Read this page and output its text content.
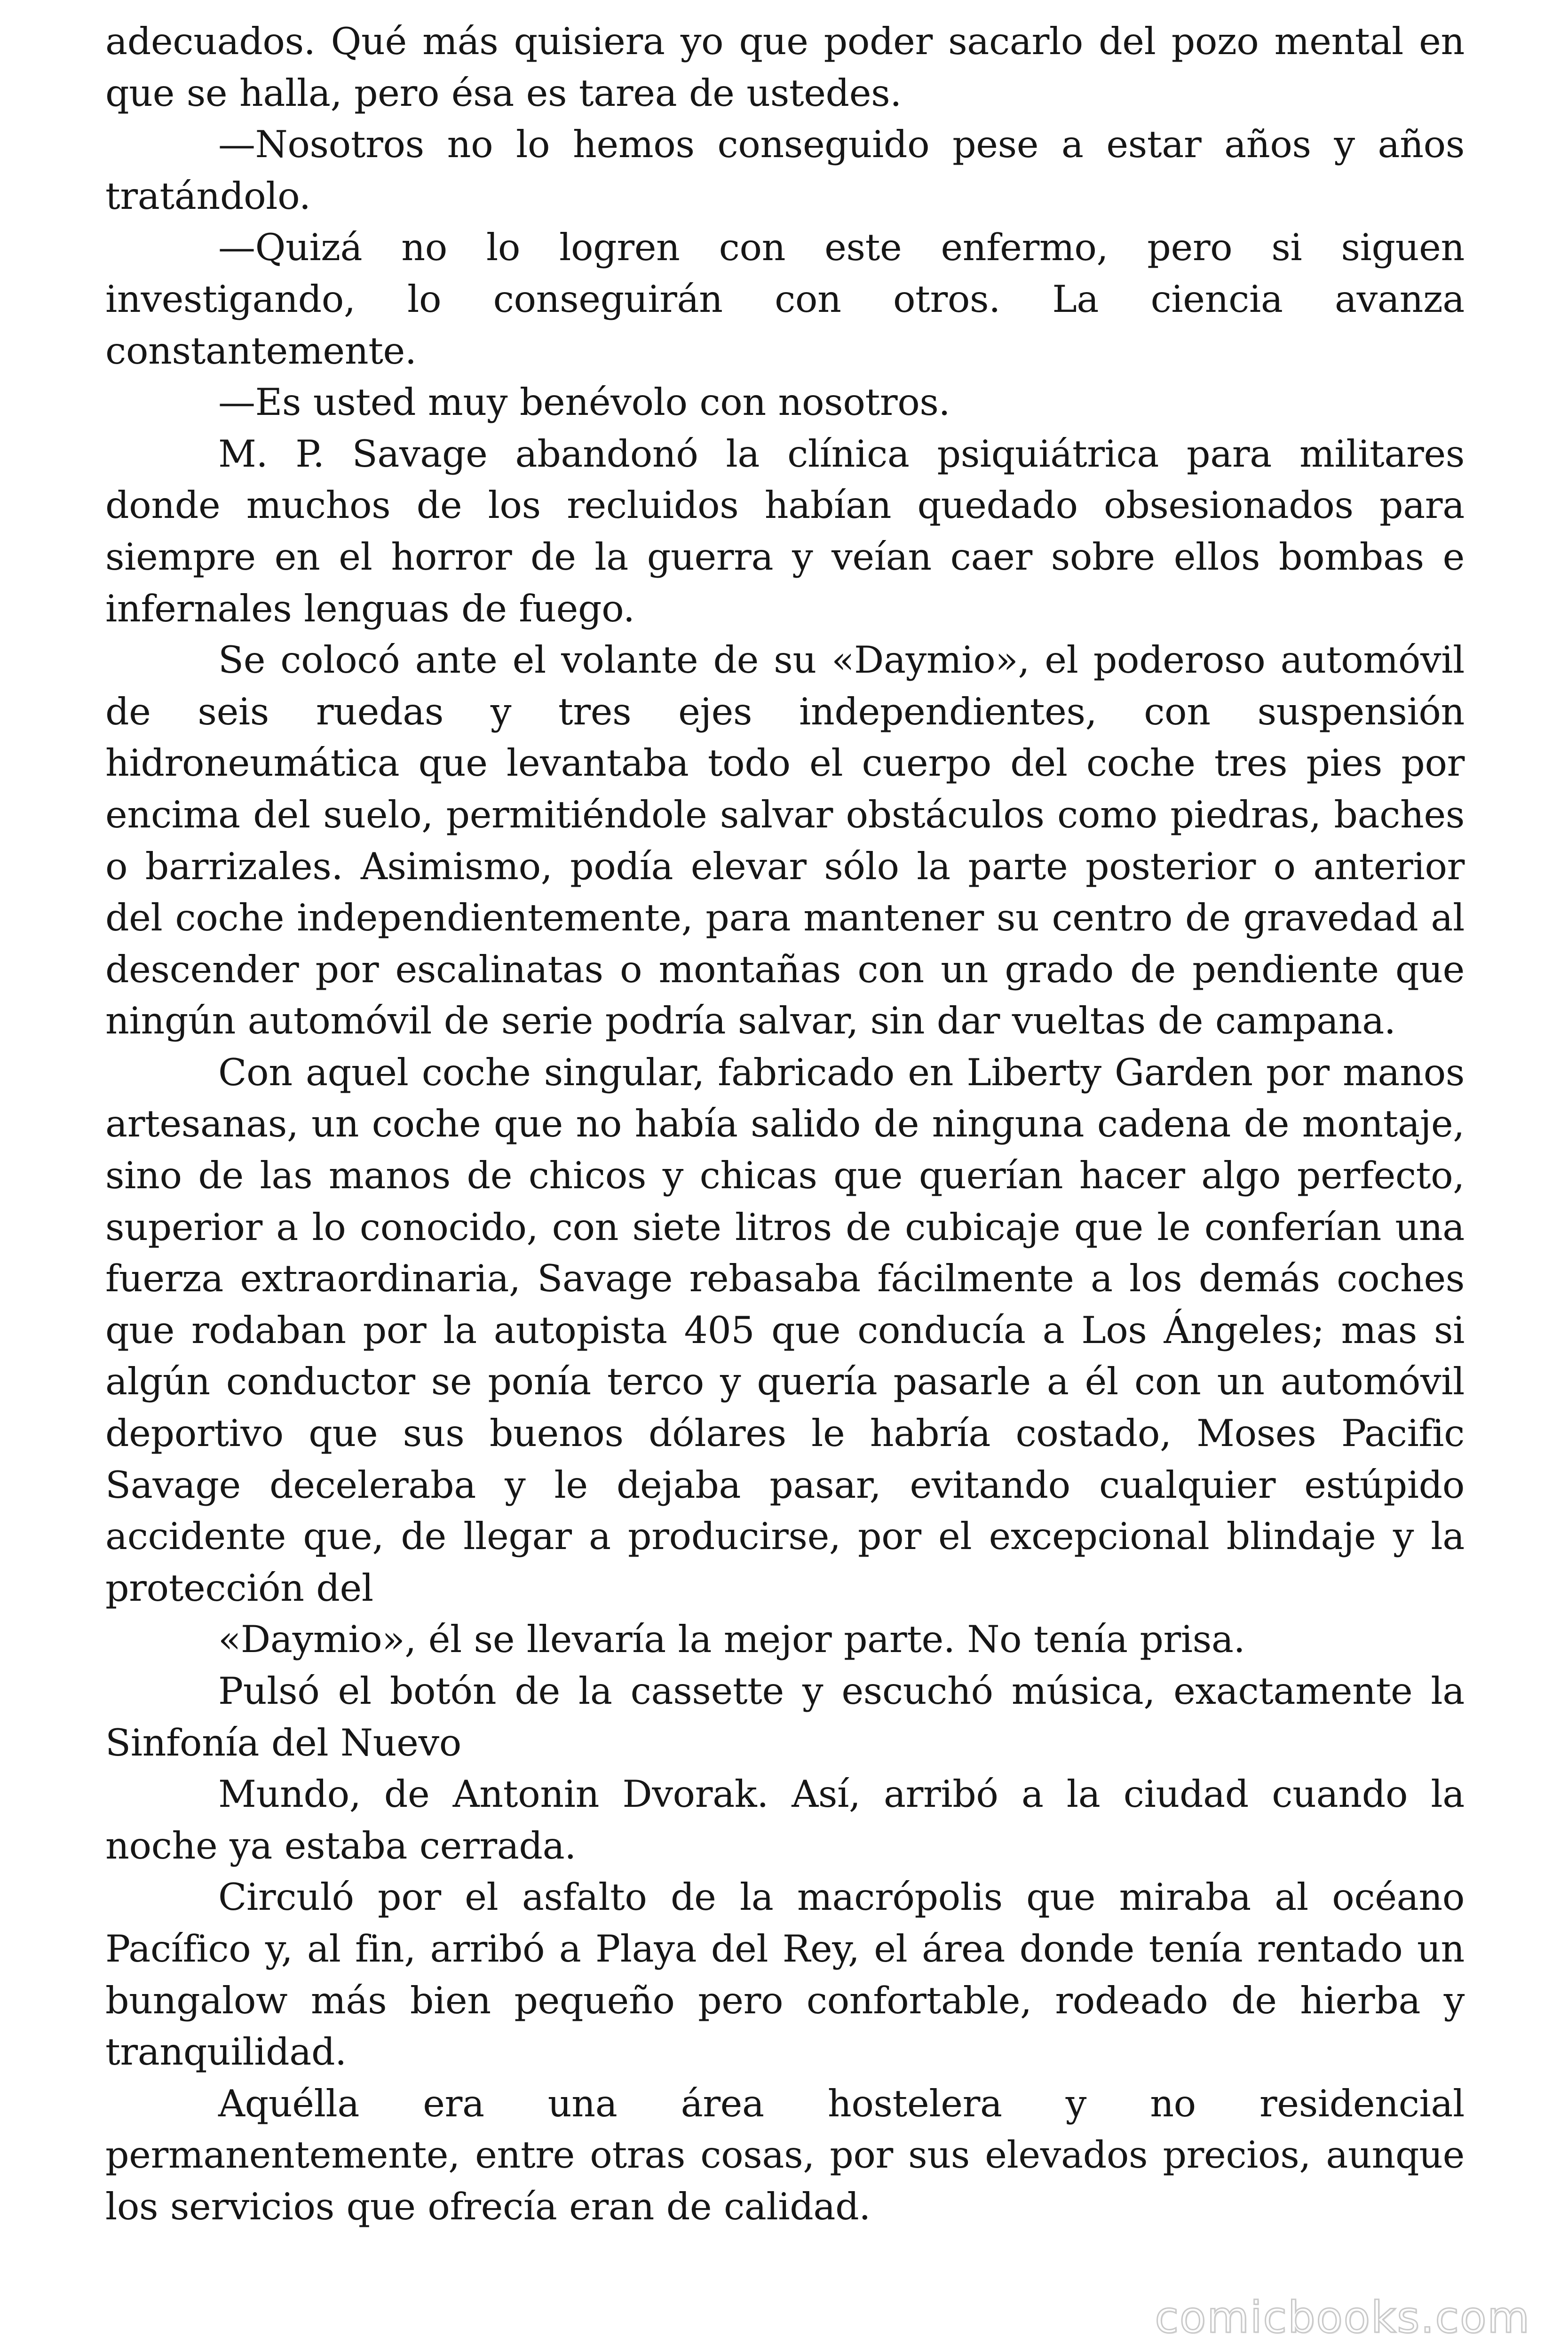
adecuados. Qué más quisiera yo que poder sacarlo del pozo mental en que se halla, pero ésa es tarea de ustedes.

—Nosotros no lo hemos conseguido pese a estar años y años tratándolo.

—Quizá no lo logren con este enfermo, pero si siguen investigando, lo conseguirán con otros. La ciencia avanza constantemente.

—Es usted muy benévolo con nosotros.

M. P. Savage abandonó la clínica psiquiátrica para militares donde muchos de los recluidos habían quedado obsesionados para siempre en el horror de la guerra y veían caer sobre ellos bombas e infernales lenguas de fuego.

Se colocó ante el volante de su «Daymio», el poderoso automóvil de seis ruedas y tres ejes independientes, con suspensión hidroneumática que levantaba todo el cuerpo del coche tres pies por encima del suelo, permitiéndole salvar obstáculos como piedras, baches o barrizales. Asimismo, podía elevar sólo la parte posterior o anterior del coche independientemente, para mantener su centro de gravedad al descender por escalinatas o montañas con un grado de pendiente que ningún automóvil de serie podría salvar, sin dar vueltas de campana.

Con aquel coche singular, fabricado en Liberty Garden por manos artesanas, un coche que no había salido de ninguna cadena de montaje, sino de las manos de chicos y chicas que querían hacer algo perfecto, superior a lo conocido, con siete litros de cubicaje que le conferían una fuerza extraordinaria, Savage rebasaba fácilmente a los demás coches que rodaban por la autopista 405 que conducía a Los Ángeles; mas si algún conductor se ponía terco y quería pasarle a él con un automóvil deportivo que sus buenos dólares le habría costado, Moses Pacific Savage deceleraba y le dejaba pasar, evitando cualquier estúpido accidente que, de llegar a producirse, por el excepcional blindaje y la protección del

«Daymio», él se llevaría la mejor parte. No tenía prisa.

Pulsó el botón de la cassette y escuchó música, exactamente la Sinfonía del Nuevo

Mundo, de Antonin Dvorak. Así, arribó a la ciudad cuando la noche ya estaba cerrada.

Circuló por el asfalto de la macrópolis que miraba al océano Pacífico y, al fin, arribó a Playa del Rey, el área donde tenía rentado un bungalow más bien pequeño pero confortable, rodeado de hierba y tranquilidad.

Aquélla era una área hostelera y no residencial permanentemente, entre otras cosas, por sus elevados precios, aunque los servicios que ofrecía eran de calidad.

comicbooks.com
